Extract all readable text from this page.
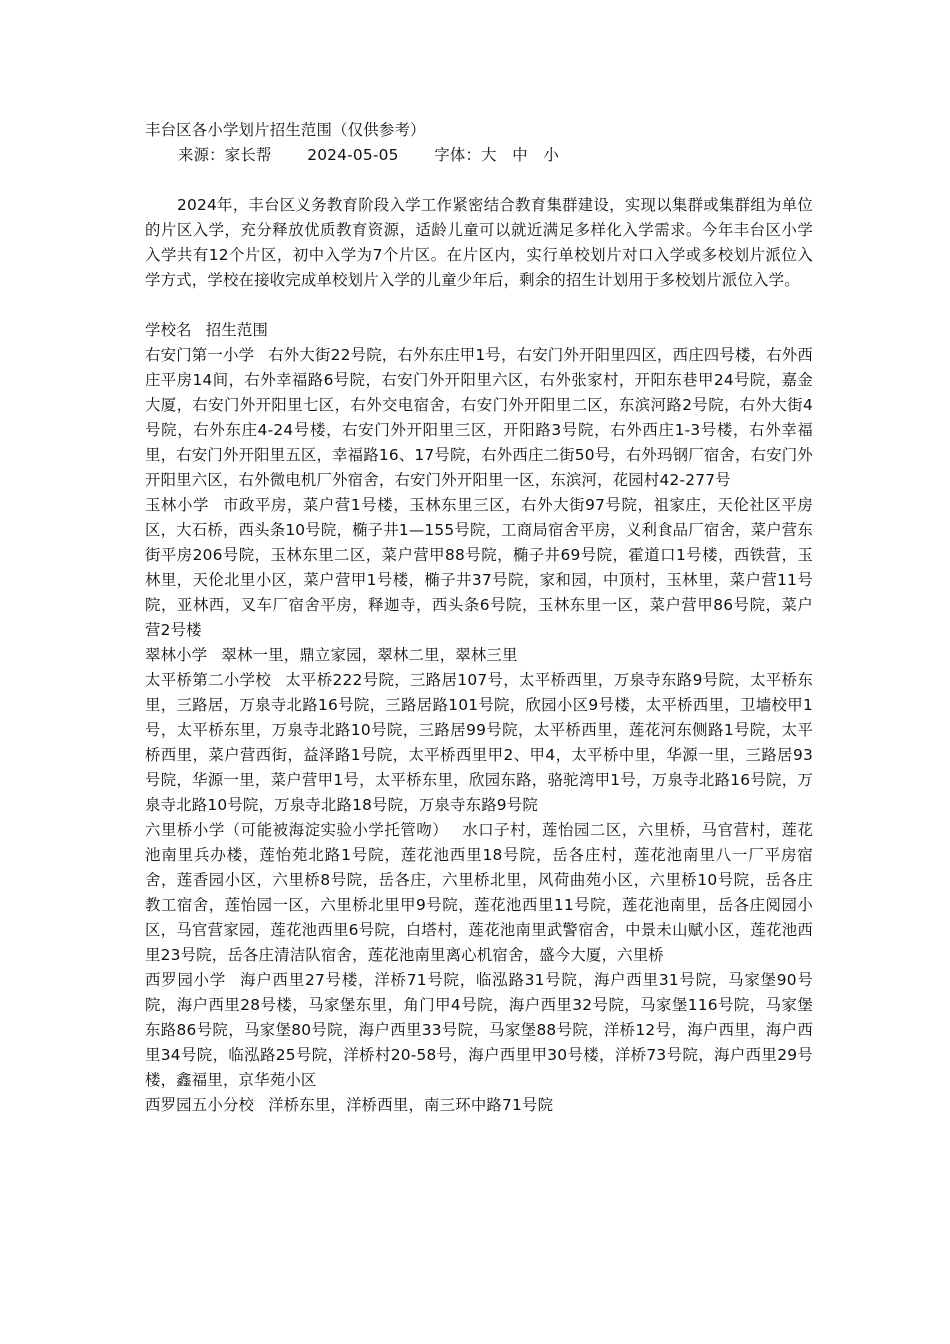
丰台区各小学划片招生范围（仅供参考）

来源：家长帮 2024-05-05 字体：大　中　小

2024年，丰台区义务教育阶段入学工作紧密结合教育集群建设，实现以集群或集群组为单位的片区入学，充分释放优质教育资源，适龄儿童可以就近满足多样化入学需求。今年丰台区小学入学共有12个片区，初中入学为7个片区。在片区内，实行单校划片对口入学或多校划片派位入学方式，学校在接收完成单校划片入学的儿童少年后，剩余的招生计划用于多校划片派位入学。

学校名 招生范围

右安门第一小学 右外大街22号院，右外东庄甲1号，右安门外开阳里四区，西庄四号楼，右外西庄平房14间，右外幸福路6号院，右安门外开阳里六区，右外张家村，开阳东巷甲24号院，嘉金大厦，右安门外开阳里七区，右外交电宿舍，右安门外开阳里二区，东滨河路2号院，右外大街4号院，右外东庄4-24号楼，右安门外开阳里三区，开阳路3号院，右外西庄1-3号楼，右外幸福里，右安门外开阳里五区，幸福路16、17号院，右外西庄二街50号，右外玛钢厂宿舍，右安门外开阳里六区，右外微电机厂外宿舍，右安门外开阳里一区，东滨河，花园村42-277号

玉林小学 市政平房，菜户营1号楼，玉林东里三区，右外大街97号院，祖家庄，天伦社区平房区，大石桥，西头条10号院，椭子井1—155号院，工商局宿舍平房，义利食品厂宿舍，菜户营东街平房206号院，玉林东里二区，菜户营甲88号院，椭子井69号院，霍道口1号楼，西铁营，玉林里，天伦北里小区，菜户营甲1号楼，椭子井37号院，家和园，中顶村，玉林里，菜户营11号院，亚林西，叉车厂宿舍平房，释迦寺，西头条6号院，玉林东里一区，菜户营甲86号院，菜户营2号楼

翠林小学 翠林一里，鼎立家园，翠林二里，翠林三里

太平桥第二小学校 太平桥222号院，三路居107号，太平桥西里，万泉寺东路9号院，太平桥东里，三路居，万泉寺北路16号院，三路居路101号院，欣园小区9号楼，太平桥西里，卫墙校甲1号，太平桥东里，万泉寺北路10号院，三路居99号院，太平桥西里，莲花河东侧路1号院，太平桥西里，菜户营西街，益泽路1号院，太平桥西里甲2、甲4，太平桥中里，华源一里，三路居93号院，华源一里，菜户营甲1号，太平桥东里，欣园东路，骆驼湾甲1号，万泉寺北路16号院，万泉寺北路10号院，万泉寺北路18号院，万泉寺东路9号院

六里桥小学（可能被海淀实验小学托管吻） 水口子村，莲怡园二区，六里桥，马官营村，莲花池南里兵办楼，莲怡苑北路1号院，莲花池西里18号院，岳各庄村，莲花池南里八一厂平房宿舍，莲香园小区，六里桥8号院，岳各庄，六里桥北里，风荷曲苑小区，六里桥10号院，岳各庄教工宿舍，莲怡园一区，六里桥北里甲9号院，莲花池西里11号院，莲花池南里，岳各庄阅园小区，马官营家园，莲花池西里6号院，白塔村，莲花池南里武警宿舍，中景未山赋小区，莲花池西里23号院，岳各庄清洁队宿舍，莲花池南里离心机宿舍，盛今大厦，六里桥

西罗园小学 海户西里27号楼，洋桥71号院，临泓路31号院，海户西里31号院，马家堡90号院，海户西里28号楼，马家堡东里，角门甲4号院，海户西里32号院，马家堡116号院，马家堡东路86号院，马家堡80号院，海户西里33号院，马家堡88号院，洋桥12号，海户西里，海户西里34号院，临泓路25号院，洋桥村20-58号，海户西里甲30号楼，洋桥73号院，海户西里29号楼，鑫福里，京华苑小区

西罗园五小分校 洋桥东里，洋桥西里，南三环中路71号院
